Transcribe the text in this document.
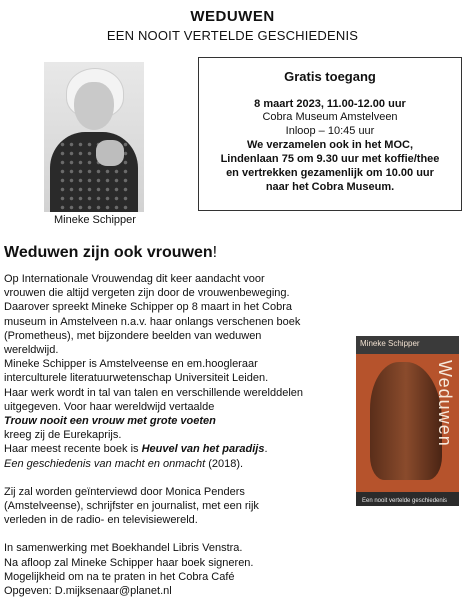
WEDUWEN
EEN NOOIT VERTELDE GESCHIEDENIS
Mineke Schipper
Gratis toegang
8 maart 2023, 11.00-12.00 uur
Cobra Museum Amstelveen
Inloop – 10:45 uur
We verzamelen ook in het MOC,
Lindenlaan 75 om 9.30 uur met koffie/thee
en vertrekken gezamenlijk om 10.00 uur
naar het Cobra Museum.
Weduwen zijn ook vrouwen!

Op Internationale Vrouwendag dit keer aandacht voor

vrouwen die altijd vergeten zijn door de vrouwenbeweging.

Daarover spreekt Mineke Schipper op 8 maart in het Cobra

museum in Amstelveen n.a.v. haar onlangs verschenen boek

(Prometheus), met bijzondere beelden van weduwen

wereldwijd.

Mineke Schipper is Amstelveense en em.hoogleraar

interculturele literatuurwetenschap Universiteit Leiden.

Haar werk wordt in tal van talen en verschillende werelddelen

uitgegeven. Voor haar wereldwijd vertaalde

Trouw nooit een vrouw met grote voeten

kreeg zij de Eurekaprijs.

Haar meest recente boek is Heuvel van het paradijs.

Een geschiedenis van macht en onmacht (2018).

Zij zal worden geïnterviewd door Monica Penders

(Amstelveense), schrijfster en journalist, met een rijk

verleden in de radio- en televisiewereld.

In samenwerking met Boekhandel Libris Venstra.

Na afloop zal Mineke Schipper haar boek signeren.

Mogelijkheid om na te praten in het Cobra Café

Opgeven: D.mijksenaar@planet.nl

Mineke Schipper
Weduwen
Een nooit vertelde geschiedenis
